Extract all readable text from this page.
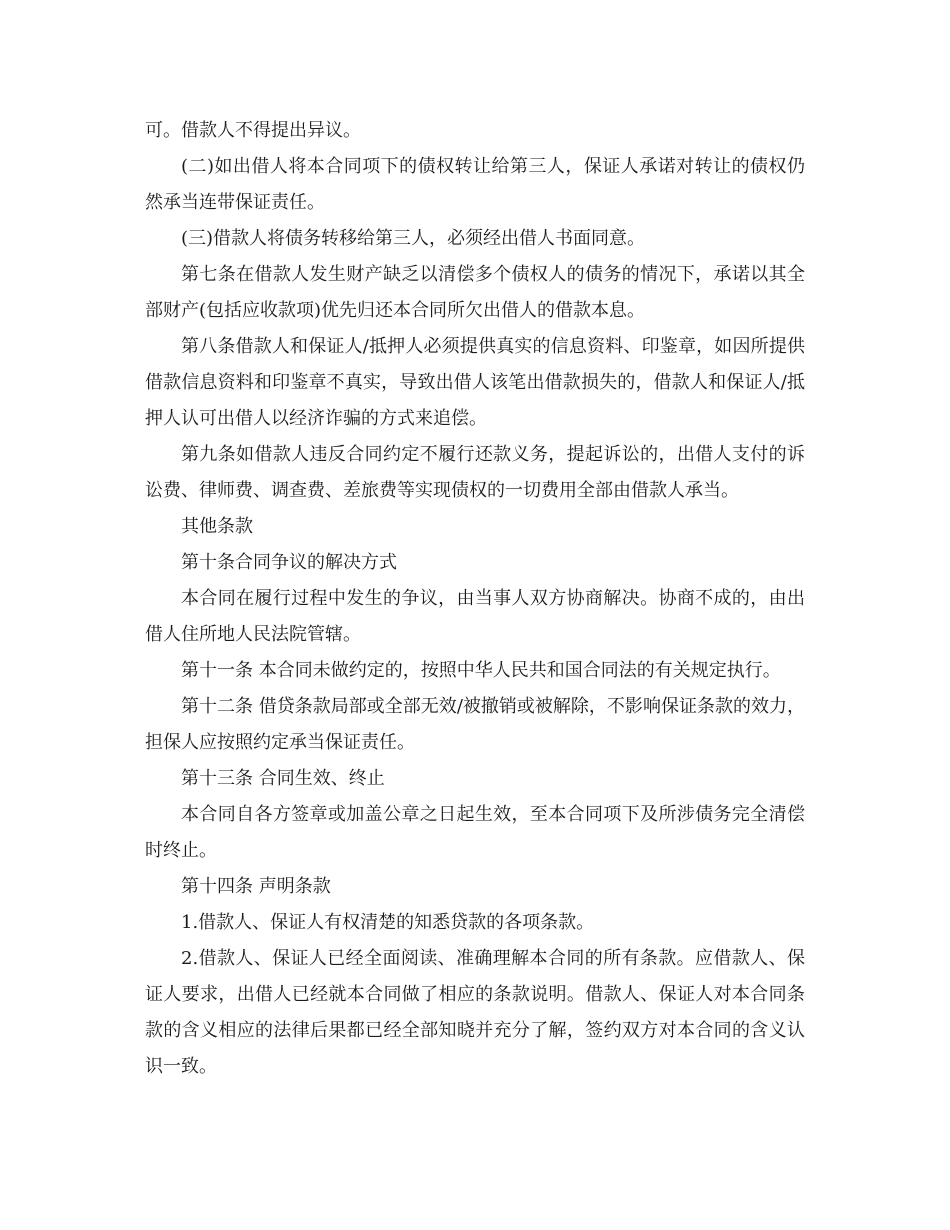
可。借款人不得提出异议。

(二)如出借人将本合同项下的债权转让给第三人，保证人承诺对转让的债权仍然承当连带保证责任。

(三)借款人将债务转移给第三人，必须经出借人书面同意。

第七条在借款人发生财产缺乏以清偿多个债权人的债务的情况下，承诺以其全部财产(包括应收款项)优先归还本合同所欠出借人的借款本息。

第八条借款人和保证人/抵押人必须提供真实的信息资料、印鉴章，如因所提供借款信息资料和印鉴章不真实，导致出借人该笔出借款损失的，借款人和保证人/抵押人认可出借人以经济诈骗的方式来追偿。

第九条如借款人违反合同约定不履行还款义务，提起诉讼的，出借人支付的诉讼费、律师费、调查费、差旅费等实现债权的一切费用全部由借款人承当。

其他条款

第十条合同争议的解决方式

本合同在履行过程中发生的争议，由当事人双方协商解决。协商不成的，由出借人住所地人民法院管辖。

第十一条 本合同未做约定的，按照中华人民共和国合同法的有关规定执行。

第十二条 借贷条款局部或全部无效/被撤销或被解除，不影响保证条款的效力，担保人应按照约定承当保证责任。

第十三条 合同生效、终止

本合同自各方签章或加盖公章之日起生效，至本合同项下及所涉债务完全清偿时终止。

第十四条 声明条款

1.借款人、保证人有权清楚的知悉贷款的各项条款。

2.借款人、保证人已经全面阅读、准确理解本合同的所有条款。应借款人、保证人要求，出借人已经就本合同做了相应的条款说明。借款人、保证人对本合同条款的含义相应的法律后果都已经全部知晓并充分了解，签约双方对本合同的含义认识一致。
